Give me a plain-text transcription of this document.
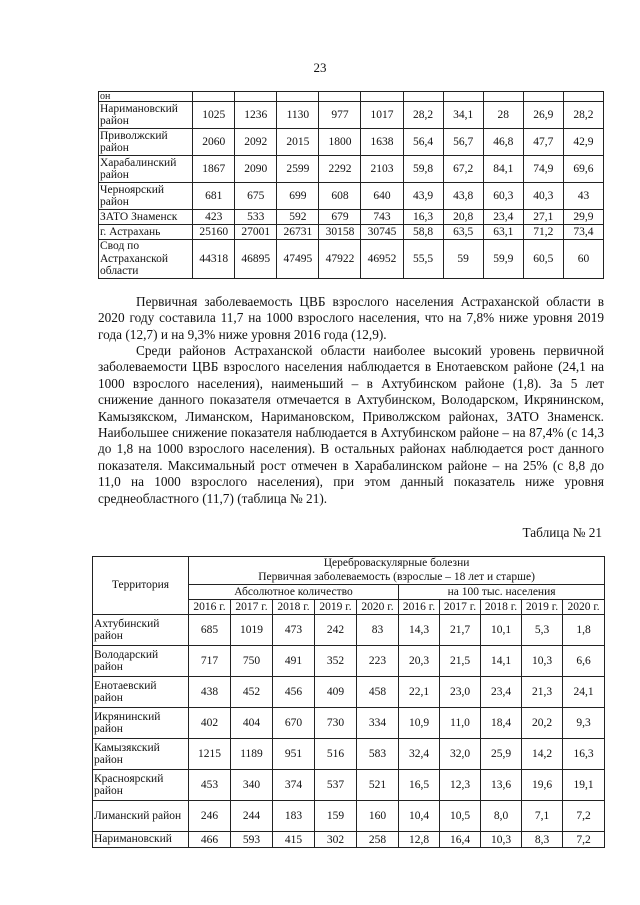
23
он										
Наримановский район	1025	1236	1130	977	1017	28,2	34,1	28	26,9	28,2
Приволжский район	2060	2092	2015	1800	1638	56,4	56,7	46,8	47,7	42,9
Харабалинский район	1867	2090	2599	2292	2103	59,8	67,2	84,1	74,9	69,6
Черноярский район	681	675	699	608	640	43,9	43,8	60,3	40,3	43
ЗАТО Знаменск	423	533	592	679	743	16,3	20,8	23,4	27,1	29,9
г. Астрахань	25160	27001	26731	30158	30745	58,8	63,5	63,1	71,2	73,4
Свод по Астраханской области	44318	46895	47495	47922	46952	55,5	59	59,9	60,5	60

Первичная заболеваемость ЦВБ взрослого населения Астраханской области в 2020 году составила 11,7 на 1000 взрослого населения, что на 7,8% ниже уровня 2019 года (12,7) и на 9,3% ниже уровня 2016 года (12,9).

Среди районов Астраханской области наиболее высокий уровень первичной заболеваемости ЦВБ взрослого населения наблюдается в Енотаевском районе (24,1 на 1000 взрослого населения), наименьший – в Ахтубинском районе (1,8). За 5 лет снижение данного показателя отмечается в Ахтубинском, Володарском, Икрянинском, Камызякском, Лиманском, Наримановском, Приволжском районах, ЗАТО Знаменск. Наибольшее снижение показателя наблюдается в Ахтубинском районе – на 87,4% (с 14,3 до 1,8 на 1000 взрослого населения). В остальных районах наблюдается рост данного показателя. Максимальный рост отмечен в Харабалинском районе – на 25% (с 8,8 до 11,0 на 1000 взрослого населения), при этом данный показатель ниже уровня среднеобластного (11,7) (таблица № 21).

Таблица № 21
Территория	Цереброваскулярные болезни									
	Первичная заболеваемость (взрослые – 18 лет и старше)									
	Абсолютное количество					на 100 тыс. населения				
	2016 г.	2017 г.	2018 г.	2019 г.	2020 г.	2016 г.	2017 г.	2018 г.	2019 г.	2020 г.
Ахтубинский район	685	1019	473	242	83	14,3	21,7	10,1	5,3	1,8
Володарский район	717	750	491	352	223	20,3	21,5	14,1	10,3	6,6
Енотаевский район	438	452	456	409	458	22,1	23,0	23,4	21,3	24,1
Икрянинский район	402	404	670	730	334	10,9	11,0	18,4	20,2	9,3
Камызякский район	1215	1189	951	516	583	32,4	32,0	25,9	14,2	16,3
Красноярский район	453	340	374	537	521	16,5	12,3	13,6	19,6	19,1
Лиманский район	246	244	183	159	160	10,4	10,5	8,0	7,1	7,2
Наримановский	466	593	415	302	258	12,8	16,4	10,3	8,3	7,2
